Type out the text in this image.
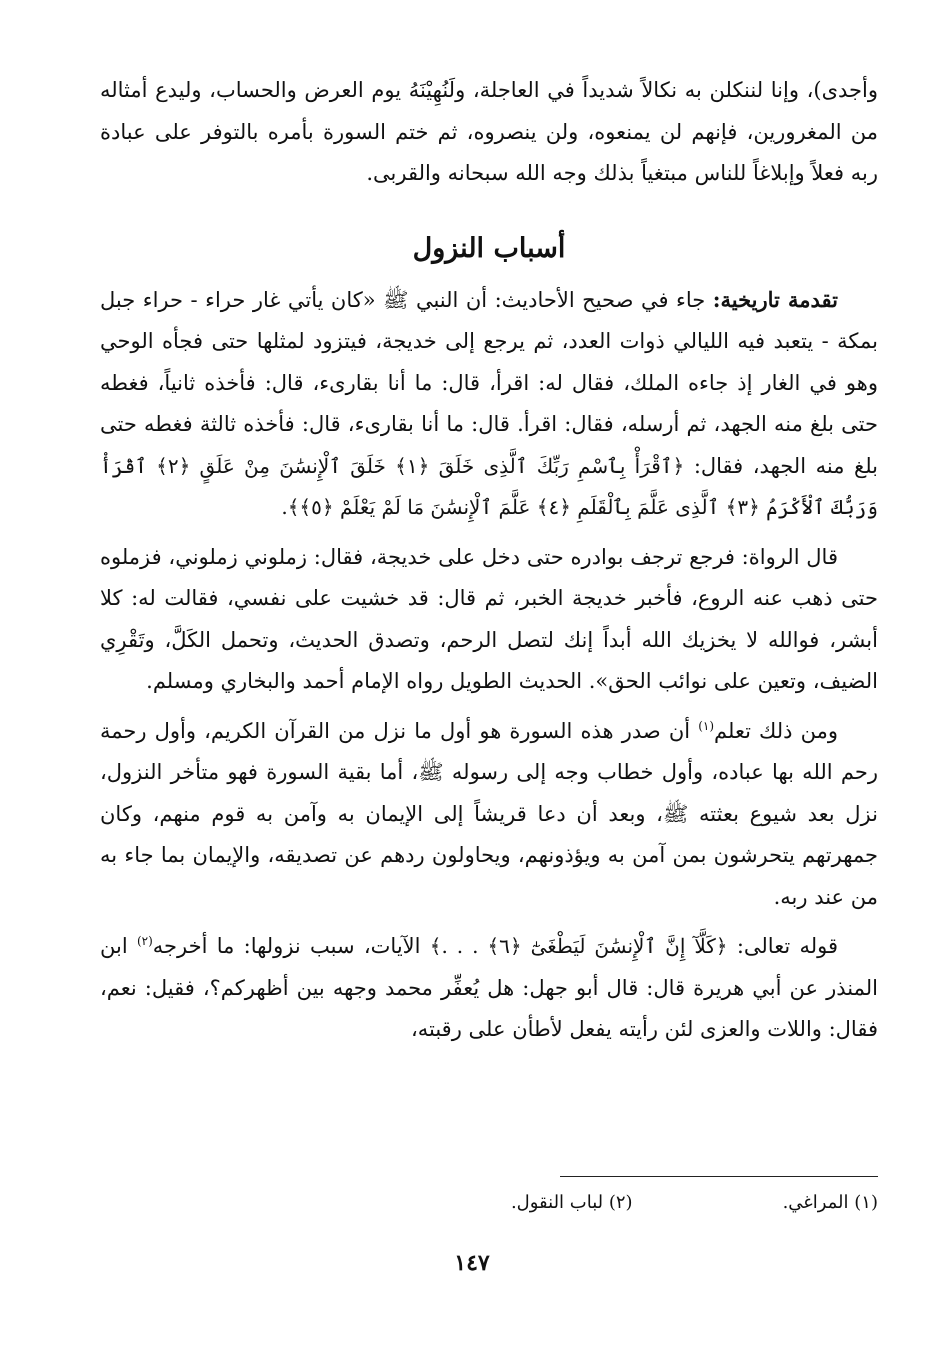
وأجدى)، وإنا لننكلن به نكالاً شديداً في العاجلة، ولَنُهِيْنَهُ يوم العرض والحساب، وليدع أمثاله من المغرورين، فإنهم لن يمنعوه، ولن ينصروه، ثم ختم السورة بأمره بالتوفر على عبادة ربه فعلاً وإبلاغاً للناس مبتغياً بذلك وجه الله سبحانه والقربى.

أسباب النزول

تقدمة تاريخية: جاء في صحيح الأحاديث: أن النبي ﷺ «كان يأتي غار حراء - حراء جبل بمكة - يتعبد فيه الليالي ذوات العدد، ثم يرجع إلى خديجة، فيتزود لمثلها حتى فجأه الوحي وهو في الغار إذ جاءه الملك، فقال له: اقرأ، قال: ما أنا بقارىء، قال: فأخذه ثانياً، فغطه حتى بلغ منه الجهد، ثم أرسله، فقال: اقرأ. قال: ما أنا بقارىء، قال: فأخذه ثالثة فغطه حتى بلغ منه الجهد، فقال: ﴿ٱقْرَأْ بِٱسْمِ رَبِّكَ ٱلَّذِى خَلَقَ ﴿١﴾ خَلَقَ ٱلْإِنسَٰنَ مِنْ عَلَقٍ ﴿٢﴾ ٱقْرَأْ وَرَبُّكَ ٱلْأَكْرَمُ ﴿٣﴾ ٱلَّذِى عَلَّمَ بِٱلْقَلَمِ ﴿٤﴾ عَلَّمَ ٱلْإِنسَٰنَ مَا لَمْ يَعْلَمْ ﴿٥﴾﴾.

قال الرواة: فرجع ترجف بوادره حتى دخل على خديجة، فقال: زملوني زملوني، فزملوه حتى ذهب عنه الروع، فأخبر خديجة الخبر، ثم قال: قد خشيت على نفسي، فقالت له: كلا أبشر، فوالله لا يخزيك الله أبداً إنك لتصل الرحم، وتصدق الحديث، وتحمل الكَلَّ، وتَقْرِي الضيف، وتعين على نوائب الحق». الحديث الطويل رواه الإمام أحمد والبخاري ومسلم.

ومن ذلك تعلم$^{(١)}$ أن صدر هذه السورة هو أول ما نزل من القرآن الكريم، وأول رحمة رحم الله بها عباده، وأول خطاب وجه إلى رسوله ﷺ، أما بقية السورة فهو متأخر النزول، نزل بعد شيوع بعثته ﷺ، وبعد أن دعا قريشاً إلى الإيمان به وآمن به قوم منهم، وكان جمهرتهم يتحرشون بمن آمن به ويؤذونهم، ويحاولون ردهم عن تصديقه، والإيمان بما جاء به من عند ربه.

قوله تعالى: ﴿كَلَّآ إِنَّ ٱلْإِنسَٰنَ لَيَطْغَىٰٓ ﴿٦﴾ . . .﴾ الآيات، سبب نزولها: ما أخرجه$^{(٢)}$ ابن المنذر عن أبي هريرة قال: قال أبو جهل: هل يُعفِّر محمد وجهه بين أظهركم؟، فقيل: نعم، فقال: واللات والعزى لئن رأيته يفعل لأطأن على رقبته،

(١) المراغي.(٢) لباب النقول.
١٤٧
